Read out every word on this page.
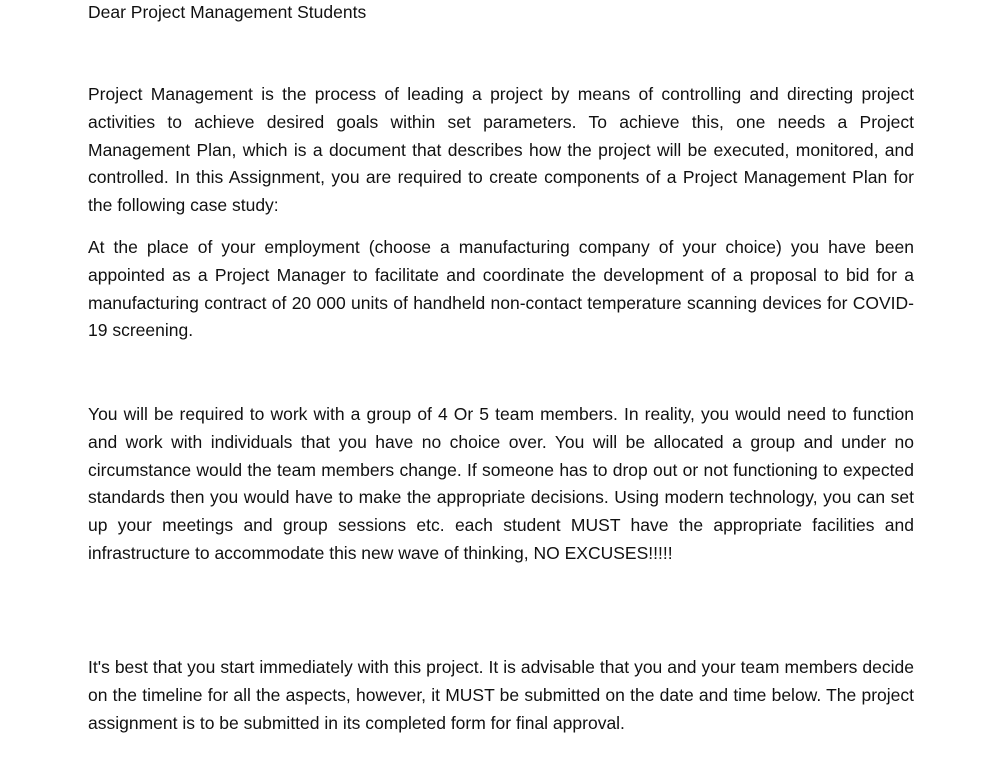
Dear Project Management Students

Project Management is the process of leading a project by means of controlling and directing project activities to achieve desired goals within set parameters. To achieve this, one needs a Project Management Plan, which is a document that describes how the project will be executed, monitored, and controlled. In this Assignment, you are required to create components of a Project Management Plan for the following case study:

At the place of your employment (choose a manufacturing company of your choice) you have been appointed as a Project Manager to facilitate and coordinate the development of a proposal to bid for a manufacturing contract of 20 000 units of handheld non-contact temperature scanning devices for COVID-19 screening.

You will be required to work with a group of 4 Or 5 team members. In reality, you would need to function and work with individuals that you have no choice over. You will be allocated a group and under no circumstance would the team members change. If someone has to drop out or not functioning to expected standards then you would have to make the appropriate decisions. Using modern technology, you can set up your meetings and group sessions etc. each student MUST have the appropriate facilities and infrastructure to accommodate this new wave of thinking, NO EXCUSES!!!!!

It's best that you start immediately with this project. It is advisable that you and your team members decide on the timeline for all the aspects, however, it MUST be submitted on the date and time below. The project assignment is to be submitted in its completed form for final approval.
